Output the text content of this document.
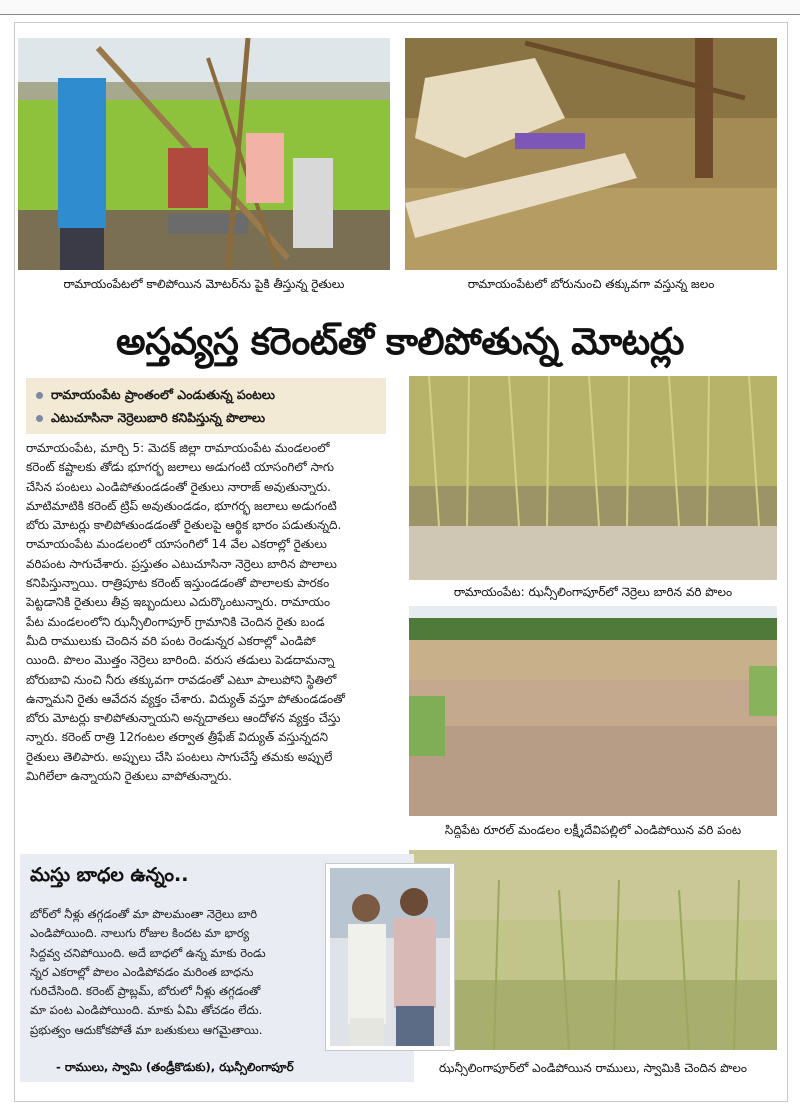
రామాయంపేటలో కాలిపోయిన మోటర్‌ను పైకి తీస్తున్న రైతులు	రామాయంపేటలో బోరునుంచి తక్కువగా వస్తున్న జలం
అస్తవ్యస్త కరెంట్‌తో కాలిపోతున్న మోటర్లు
రామాయంపేట ప్రాంతంలో ఎండుతున్న పంటలు
ఎటుచూసినా నెర్రెలుబారి కనిపిస్తున్న పొలాలు
రామాయంపేట, మార్చి 5: మెదక్ జిల్లా రామాయంపేట మండలంలో
కరెంట్ కష్టాలకు తోడు భూగర్భ జలాలు అడుగంటి యాసంగిలో సాగు
చేసిన పంటలు ఎండిపోతుండడంతో రైతులు నారాజ్ అవుతున్నారు.
మాటిమాటికి కరెంట్ ట్రిప్ అవుతుండడం, భూగర్భ జలాలు అడుగంటి
బోరు మోటర్లు కాలిపోతుండడంతో రైతులపై ఆర్థిక భారం పడుతున్నది.
రామాయంపేట మండలంలో యాసంగిలో 14 వేల ఎకరాల్లో రైతులు
వరిపంట సాగుచేశారు. ప్రస్తుతం ఎటుచూసినా నెర్రెలు బారిన పొలాలు
కనిపిస్తున్నాయి. రాత్రిపూట కరెంట్ ఇస్తుండడంతో పొలాలకు పారకం
పెట్టడానికి రైతులు తీవ్ర ఇబ్బందులు ఎదుర్కొంటున్నారు. రామాయం
పేట మండలంలోని ఝన్సీలింగాపూర్ గ్రామానికి చెందిన రైతు బండ
మీది రాములుకు చెందిన వరి పంట రెండున్నర ఎకరాల్లో ఎండిపో
యింది. పొలం మొత్తం నెర్రెలు బారింది. వరుస తడులు పెడదామన్నా
బోరుబావి నుంచి నీరు తక్కువగా రావడంతో ఎటూ పాలుపోని స్థితిలో
ఉన్నామని రైతు ఆవేదన వ్యక్తం చేశారు. విద్యుత్ వస్తూ పోతుండడంతో
బోరు మోటర్లు కాలిపోతున్నాయని అన్నదాతలు ఆందోళన వ్యక్తం చేస్తు
న్నారు. కరెంట్ రాత్రి 12గంటల తర్వాత త్రీఫేజ్ విద్యుత్ వస్తున్నదని
రైతులు తెలిపారు. అప్పులు చేసి పంటలు సాగుచేస్తే తమకు అప్పులే
మిగిలేలా ఉన్నాయని రైతులు వాపోతున్నారు.
రామాయంపేట: ఝన్సీలింగాపూర్‌లో నెర్రెలు బారిన వరి పొలం
సిద్దిపేట రూరల్ మండలం లక్ష్మీదేవిపల్లిలో ఎండిపోయిన వరి పంట
ఝన్సీలింగాపూర్‌లో ఎండిపోయిన రాములు, స్వామికి చెందిన పొలం
మస్తు బాధల ఉన్నం..
బోర్‌లో నీళ్లు తగ్గడంతో మా పొలమంతా నెర్రెలు బారి
ఎండిపోయింది. నాలుగు రోజుల కిందట మా భార్య
సిద్దవ్వ చనిపోయింది. అదే బాధలో ఉన్న మాకు రెండు
న్నర ఎకరాల్లో పొలం ఎండిపోవడం మరింత బాధను
గురిచేసింది. కరెంట్ ప్రాబ్లమ్, బోరులో నీళ్లు తగ్గడంతో
మా పంట ఎండిపోయింది. మాకు ఏమి తోచడం లేదు.
ప్రభుత్వం ఆదుకోకపోతే మా బతుకులు ఆగమైతాయి.
- రాములు, స్వామి (తండ్రీకొడుకు), ఝన్సీలింగాపూర్
